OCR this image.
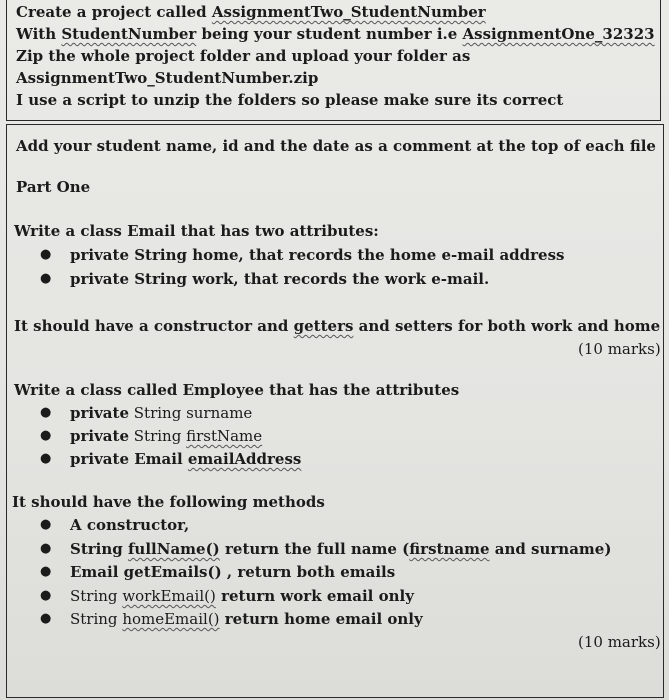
Create a project called AssignmentTwo_StudentNumber
With StudentNumber being your student number i.e AssignmentOne_32323
Zip the whole project folder and upload your folder as
AssignmentTwo_StudentNumber.zip
I use a script to unzip the folders so please make sure its correct
Add your student name, id and the date as a comment at the top of each file
Part One
Write a class Email that has two attributes:
● private String home, that records the home e-mail address
● private String work, that records the work e-mail.
It should have a constructor and getters and setters for both work and home
(10 marks)
Write a class called Employee that has the attributes
● private String surname
● private String firstName
● private Email emailAddress
It should have the following methods
● A constructor,
● String fullName() return the full name (firstname and surname)
● Email getEmails() , return both emails
● String workEmail() return work email only
● String homeEmail() return home email only
(10 marks)
